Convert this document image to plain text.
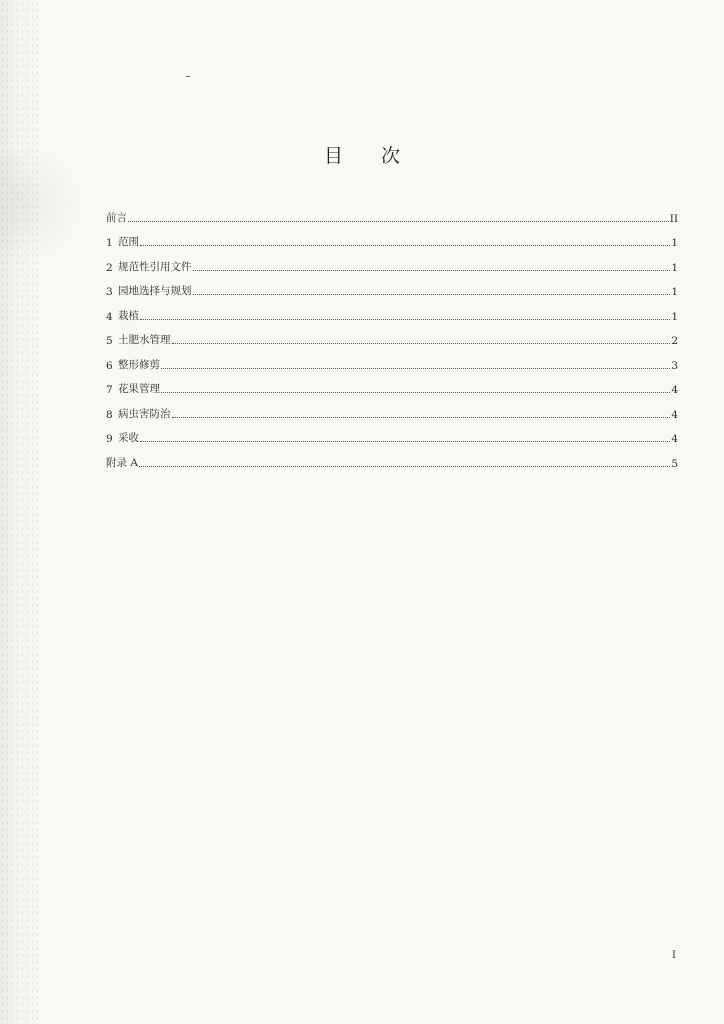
目 次
前言	II
1 范围	1
2 规范性引用文件	1
3 园地选择与规划	1
4 栽植	1
5 土肥水管理	2
6 整形修剪	3
7 花果管理	4
8 病虫害防治	4
9 采收	4
附录 A	5
I
